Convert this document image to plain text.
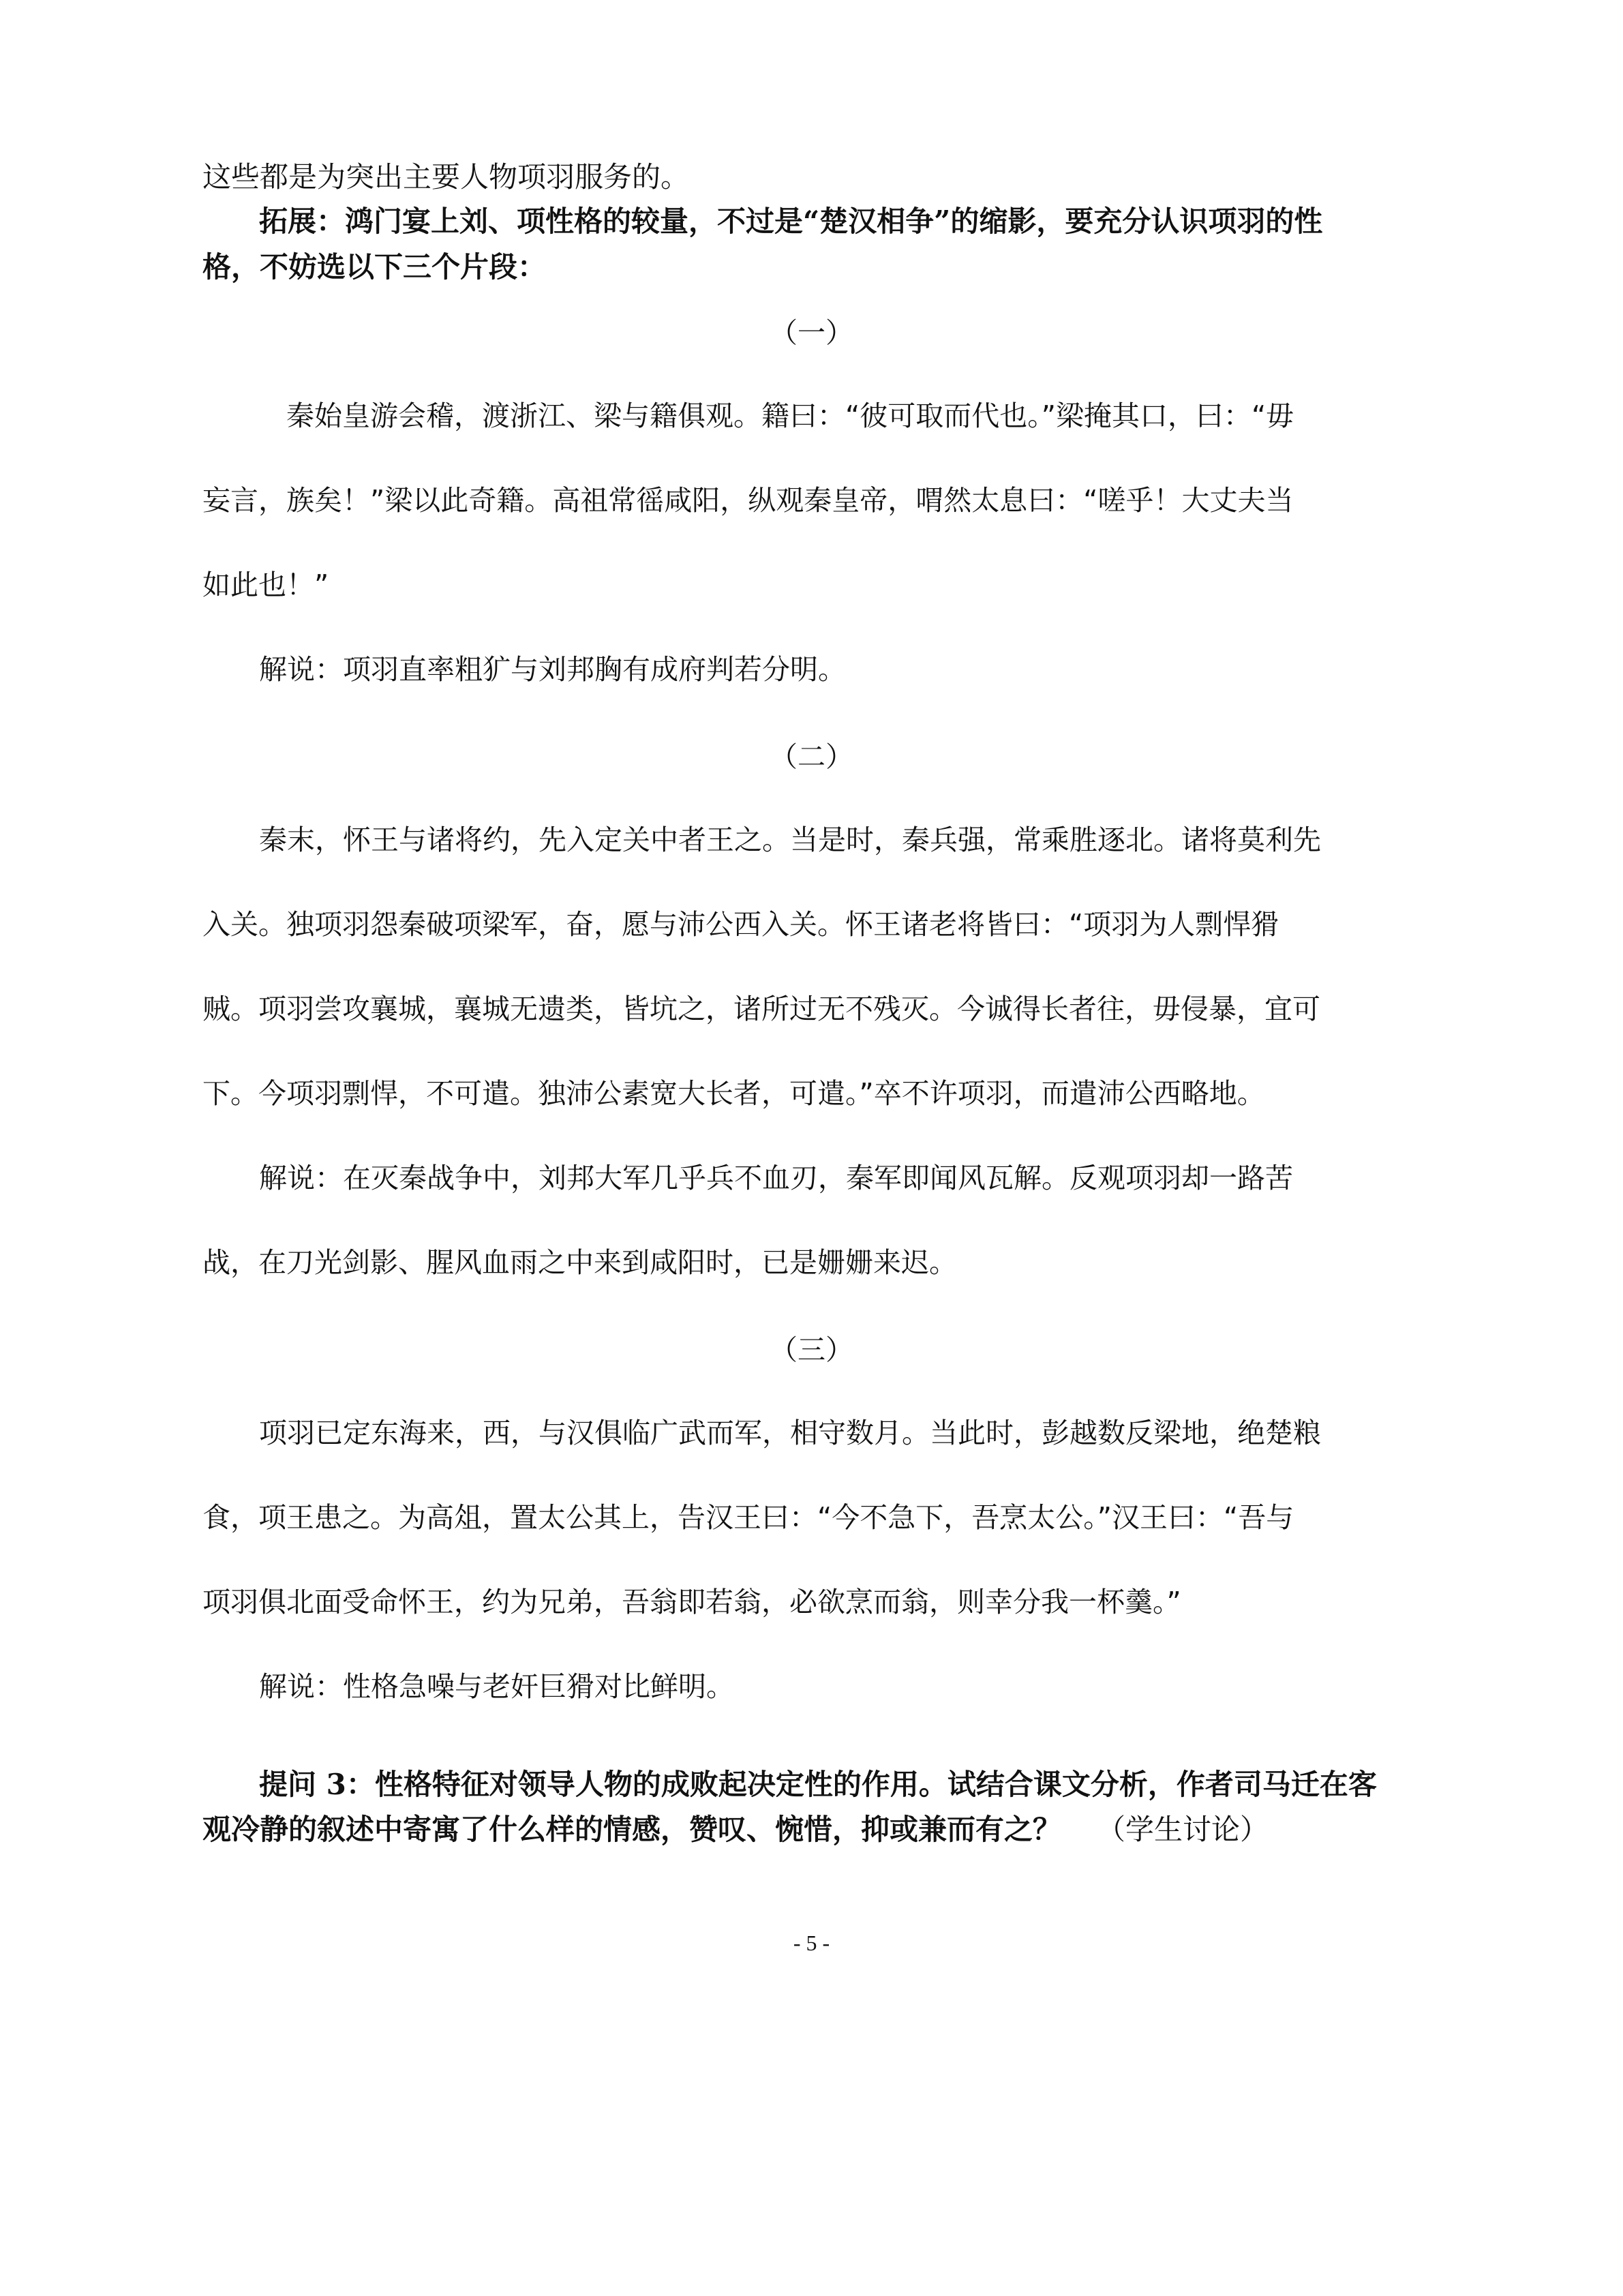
这些都是为突出主要人物项羽服务的。

拓展：鸿门宴上刘、项性格的较量，不过是“楚汉相争”的缩影，要充分认识项羽的性

格，不妨选以下三个片段：

（一）

秦始皇游会稽，渡浙江、梁与籍俱观。籍曰：“彼可取而代也。”梁掩其口，曰：“毋

妄言，族矣！”梁以此奇籍。高祖常徭咸阳，纵观秦皇帝，喟然太息曰：“嗟乎！大丈夫当

如此也！”

解说：项羽直率粗犷与刘邦胸有成府判若分明。

（二）

秦末，怀王与诸将约，先入定关中者王之。当是时，秦兵强，常乘胜逐北。诸将莫利先

入关。独项羽怨秦破项梁军，奋，愿与沛公西入关。怀王诸老将皆曰：“项羽为人剽悍猾

贼。项羽尝攻襄城，襄城无遗类，皆坑之，诸所过无不残灭。今诚得长者往，毋侵暴，宜可

下。今项羽剽悍，不可遣。独沛公素宽大长者，可遣。”卒不许项羽，而遣沛公西略地。

解说：在灭秦战争中，刘邦大军几乎兵不血刃，秦军即闻风瓦解。反观项羽却一路苦

战，在刀光剑影、腥风血雨之中来到咸阳时，已是姗姗来迟。

（三）

项羽已定东海来，西，与汉俱临广武而军，相守数月。当此时，彭越数反梁地，绝楚粮

食，项王患之。为高俎，置太公其上，告汉王曰：“今不急下，吾烹太公。”汉王曰：“吾与

项羽俱北面受命怀王，约为兄弟，吾翁即若翁，必欲烹而翁，则幸分我一杯羹。”

解说：性格急噪与老奸巨猾对比鲜明。

提问 3：性格特征对领导人物的成败起决定性的作用。试结合课文分析，作者司马迁在客

观冷静的叙述中寄寓了什么样的情感，赞叹、惋惜，抑或兼而有之？ （学生讨论）

- 5 -
